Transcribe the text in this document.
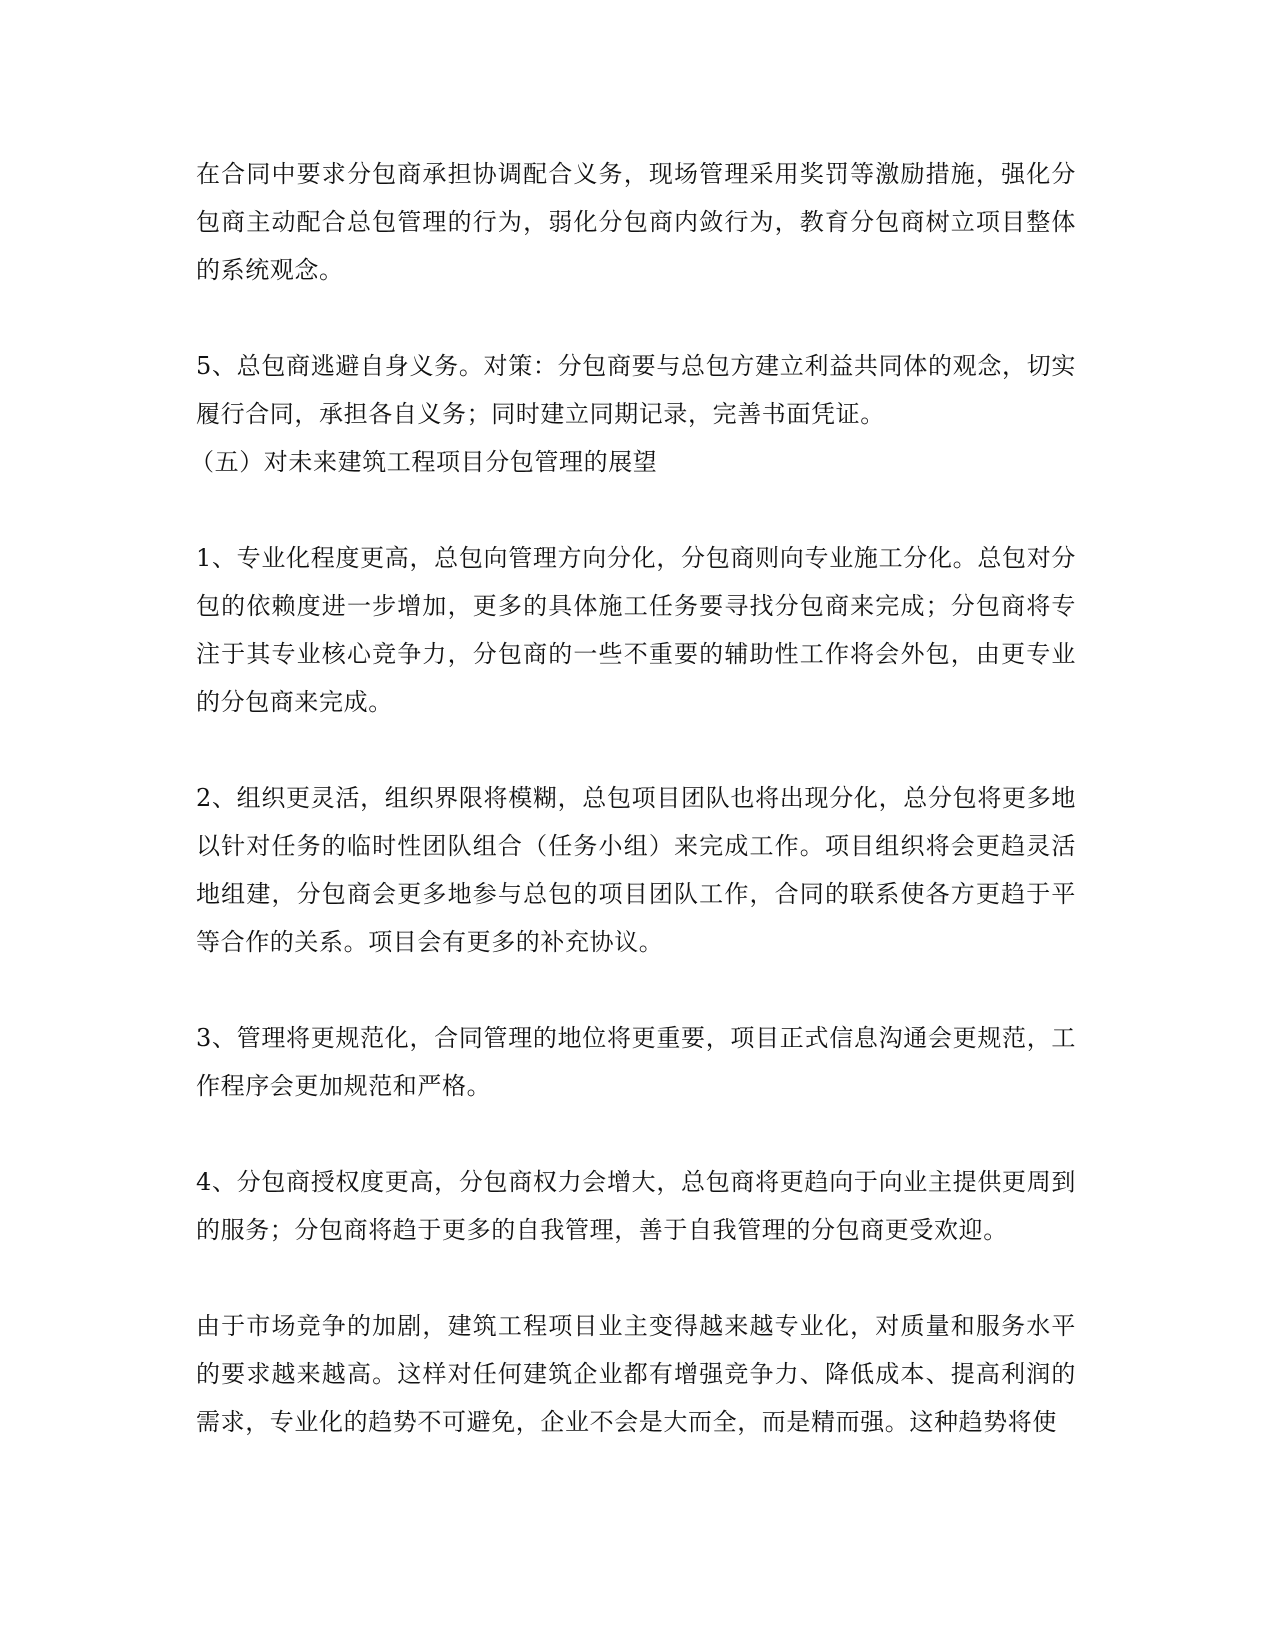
在合同中要求分包商承担协调配合义务，现场管理采用奖罚等激励措施，强化分包商主动配合总包管理的行为，弱化分包商内敛行为，教育分包商树立项目整体的系统观念。

5、总包商逃避自身义务。对策：分包商要与总包方建立利益共同体的观念，切实履行合同，承担各自义务；同时建立同期记录，完善书面凭证。

（五）对未来建筑工程项目分包管理的展望

1、专业化程度更高，总包向管理方向分化，分包商则向专业施工分化。总包对分包的依赖度进一步增加，更多的具体施工任务要寻找分包商来完成；分包商将专注于其专业核心竞争力，分包商的一些不重要的辅助性工作将会外包，由更专业的分包商来完成。

2、组织更灵活，组织界限将模糊，总包项目团队也将出现分化，总分包将更多地以针对任务的临时性团队组合（任务小组）来完成工作。项目组织将会更趋灵活地组建，分包商会更多地参与总包的项目团队工作，合同的联系使各方更趋于平等合作的关系。项目会有更多的补充协议。

3、管理将更规范化，合同管理的地位将更重要，项目正式信息沟通会更规范，工作程序会更加规范和严格。

4、分包商授权度更高，分包商权力会增大，总包商将更趋向于向业主提供更周到的服务；分包商将趋于更多的自我管理，善于自我管理的分包商更受欢迎。

由于市场竞争的加剧，建筑工程项目业主变得越来越专业化，对质量和服务水平的要求越来越高。这样对任何建筑企业都有增强竞争力、降低成本、提高利润的需求，专业化的趋势不可避免，企业不会是大而全，而是精而强。这种趋势将使
